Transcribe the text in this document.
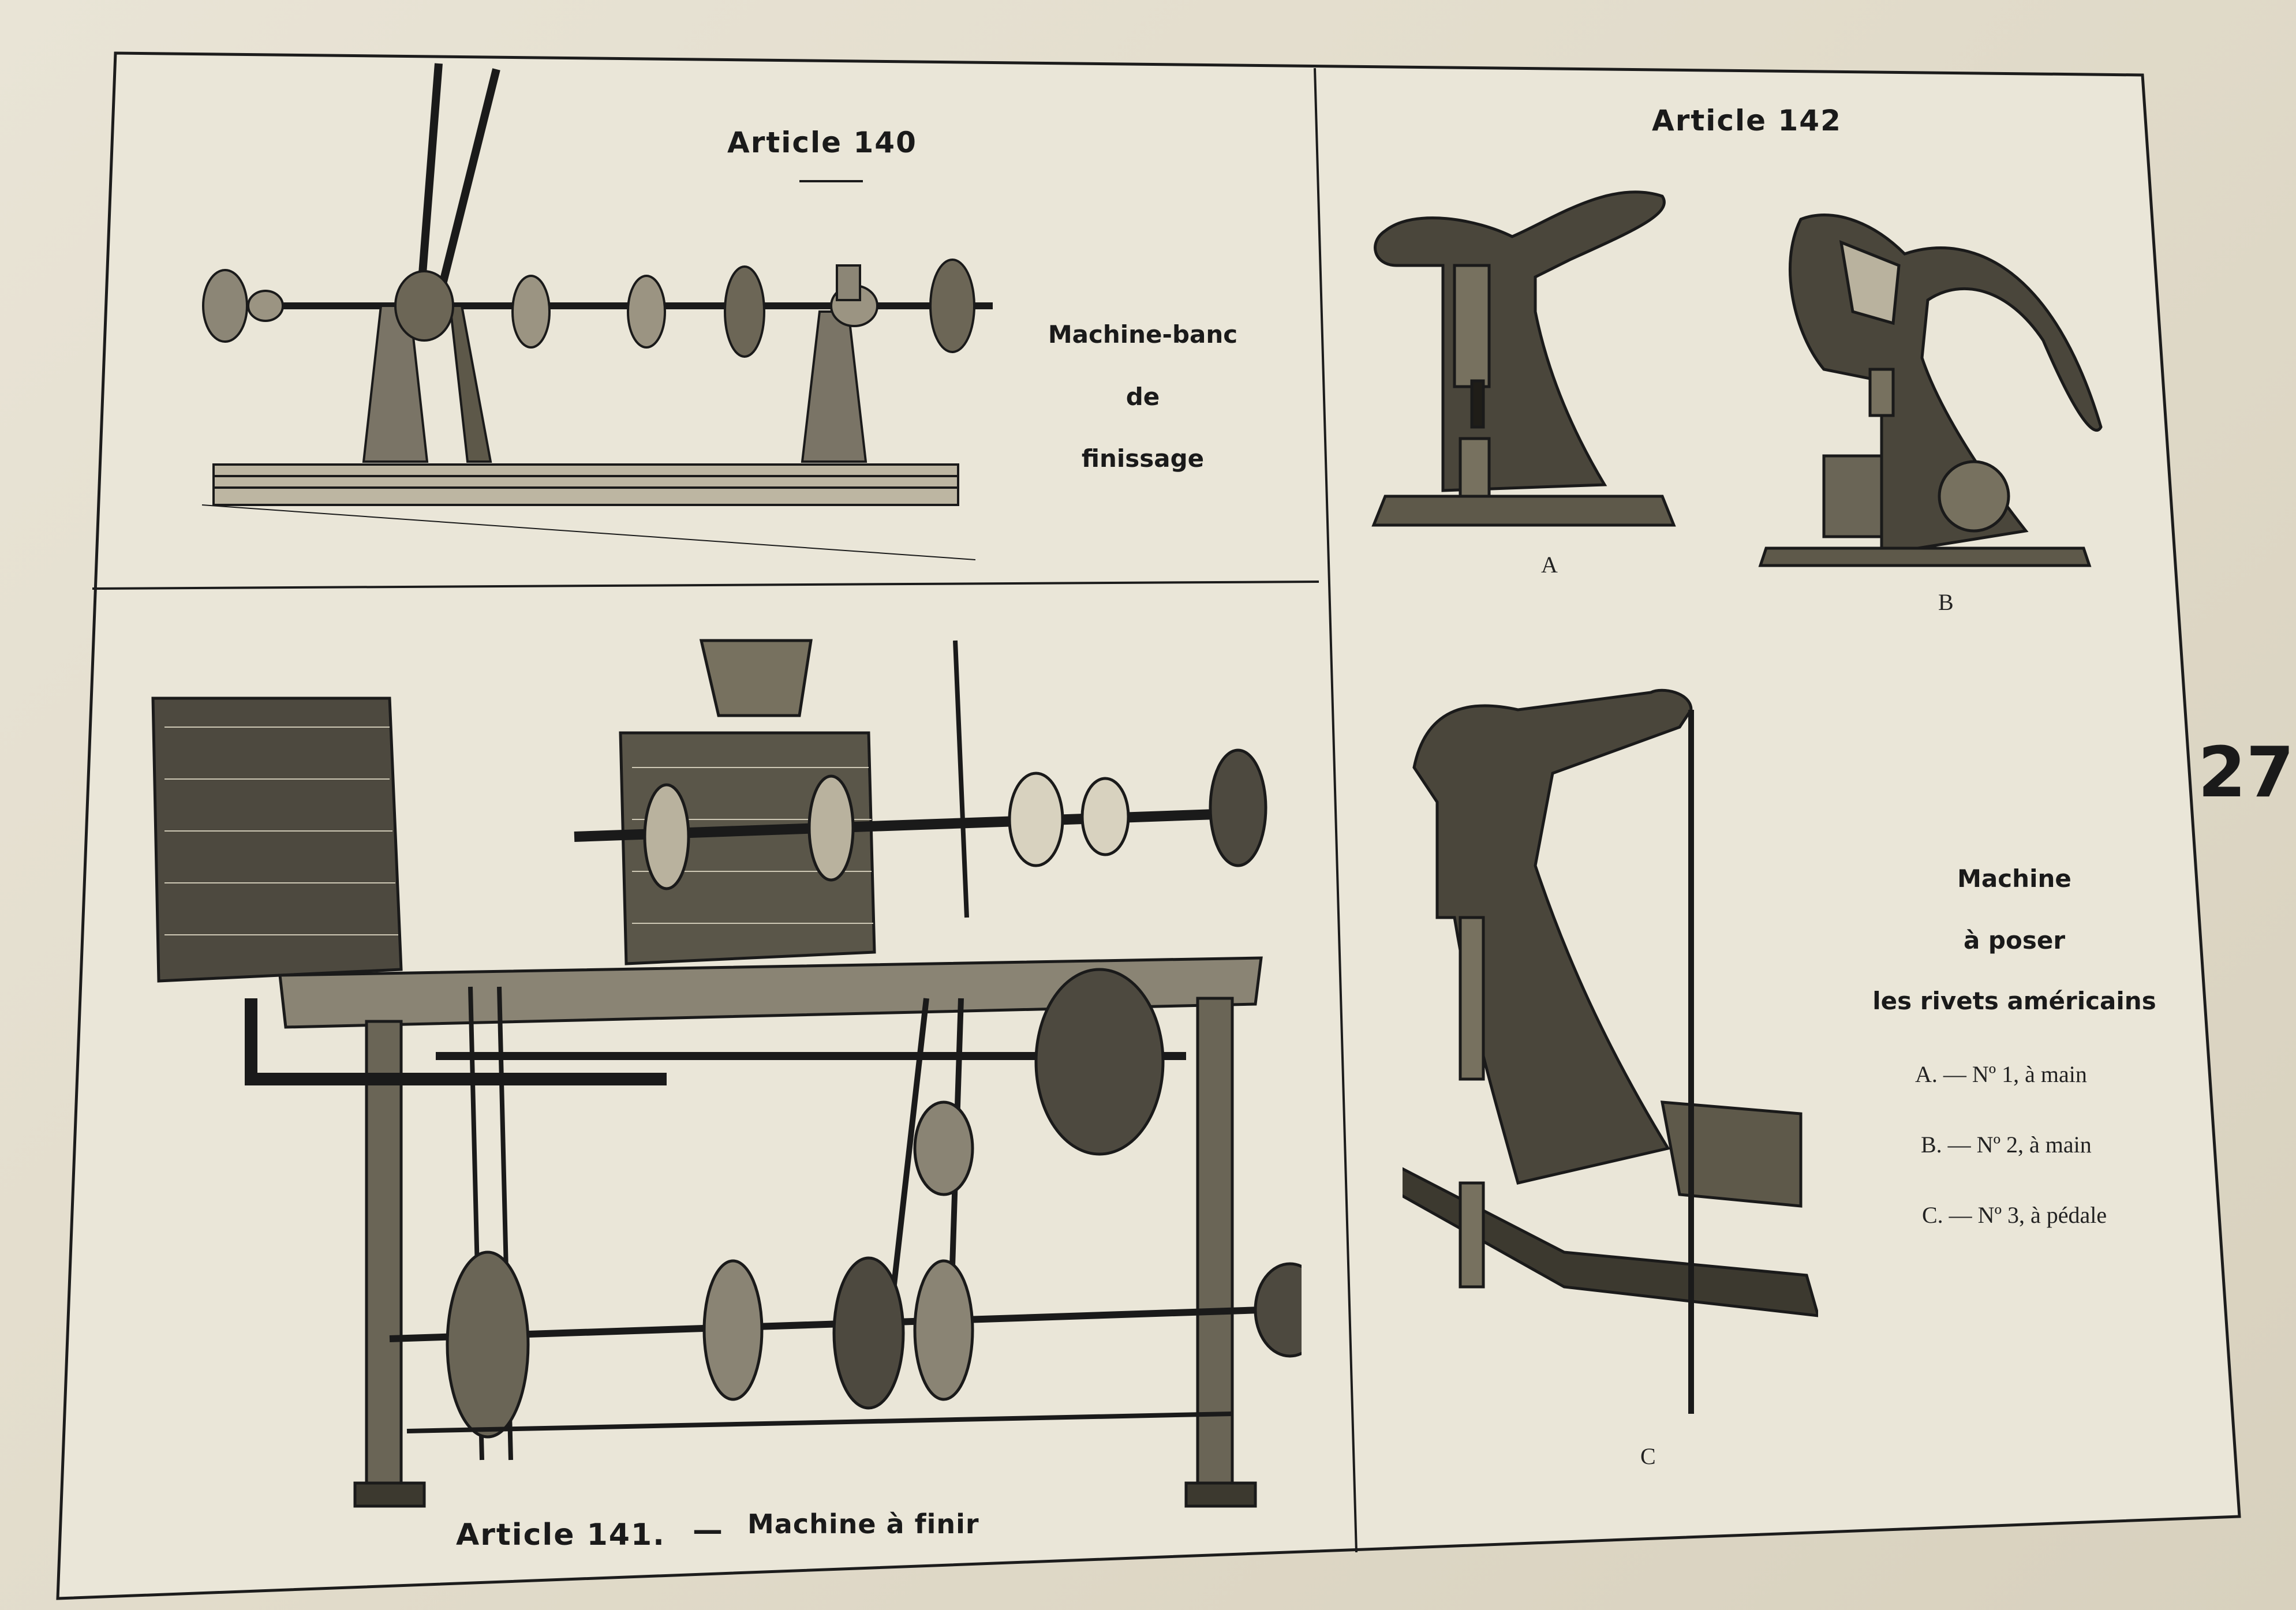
Article 140
Machine-banc
de
finissage
Article 141. — Machine à finir
Article 142
A
B
C
Machine
à poser
les rivets américains
A. — Nº 1, à main
B. — Nº 2, à main
C. — Nº 3, à pédale
27
